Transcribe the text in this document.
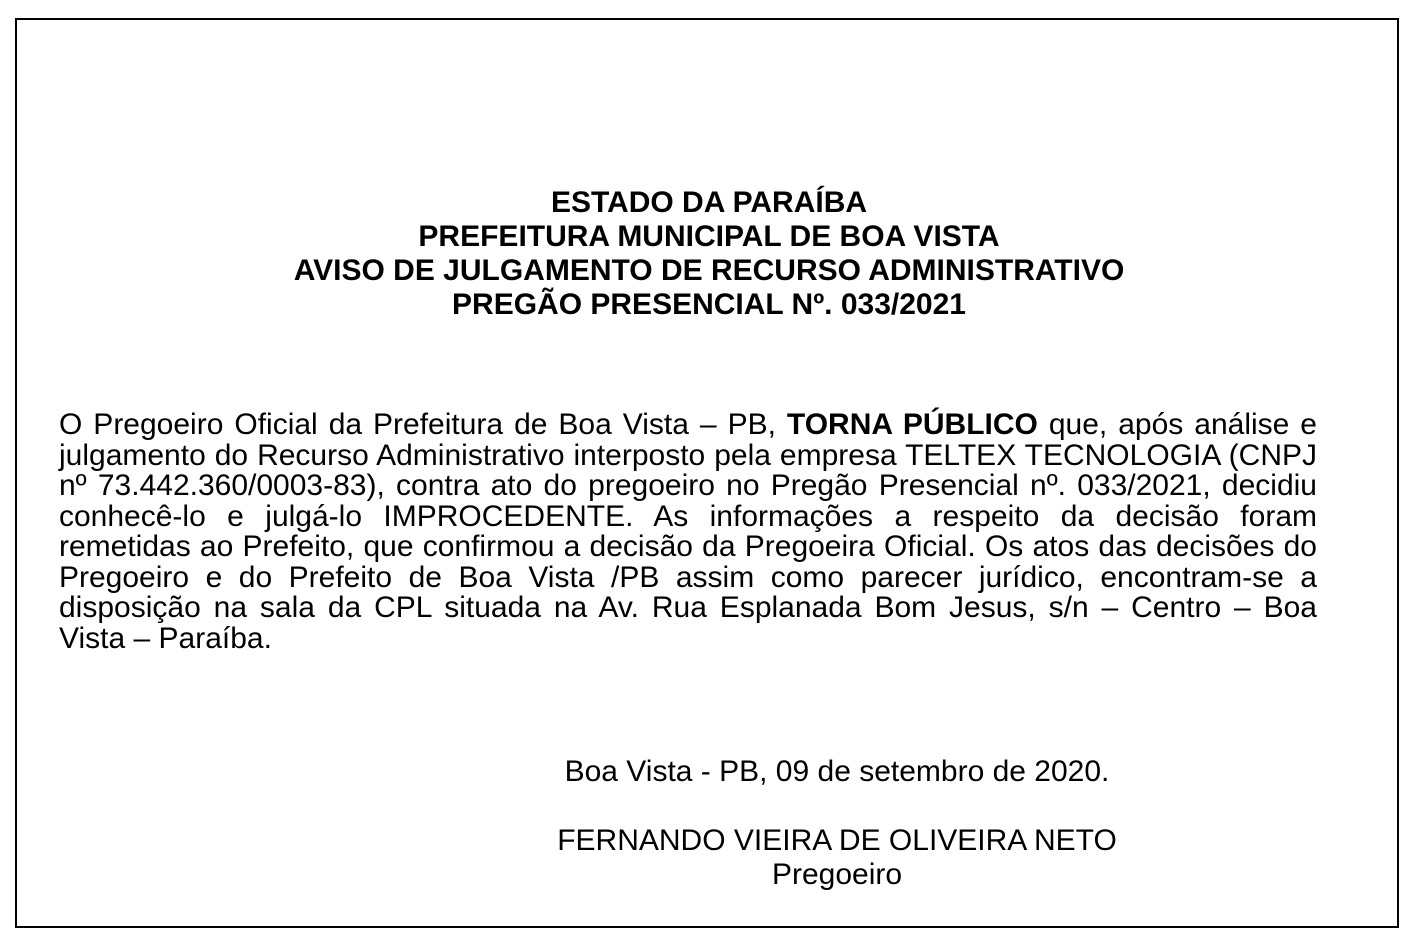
ESTADO DA PARAÍBA
PREFEITURA MUNICIPAL DE BOA VISTA
AVISO DE JULGAMENTO DE RECURSO ADMINISTRATIVO
PREGÃO PRESENCIAL Nº. 033/2021
O Pregoeiro Oficial da Prefeitura de Boa Vista – PB, TORNA PÚBLICO que, após análise e julgamento do Recurso Administrativo interposto pela empresa TELTEX TECNOLOGIA (CNPJ nº 73.442.360/0003-83), contra ato do pregoeiro no Pregão Presencial nº. 033/2021, decidiu conhecê-lo e julgá-lo IMPROCEDENTE. As informações a respeito da decisão foram remetidas ao Prefeito, que confirmou a decisão da Pregoeira Oficial. Os atos das decisões do Pregoeiro e do Prefeito de Boa Vista /PB assim como parecer jurídico, encontram-se a disposição na sala da CPL situada na Av. Rua Esplanada Bom Jesus, s/n – Centro – Boa Vista – Paraíba.
Boa Vista - PB, 09 de setembro de 2020.
FERNANDO VIEIRA DE OLIVEIRA NETO
Pregoeiro
